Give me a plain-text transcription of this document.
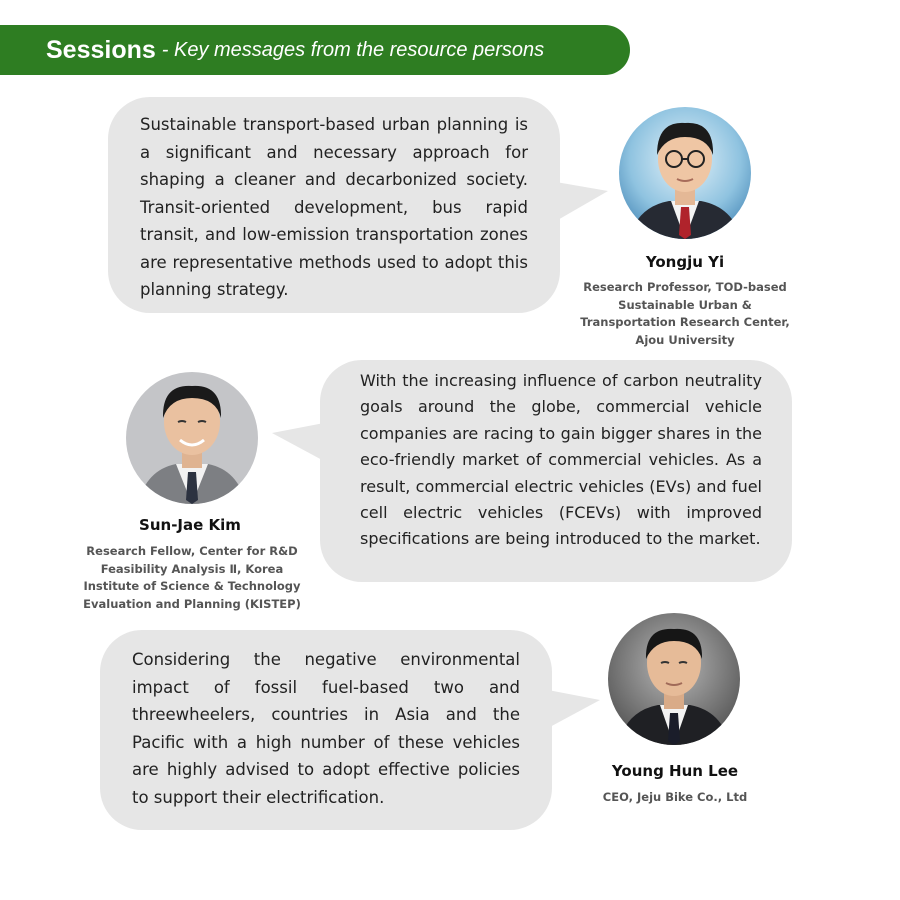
Sessions - Key messages from the resource persons
Sustainable transport-based urban planning is a significant and necessary approach for shaping a cleaner and decarbonized society. Transit-oriented development, bus rapid transit, and low-emission transportation zones are representative methods used to adopt this planning strategy.
Yongju Yi
Research Professor, TOD-based Sustainable Urban & Transportation Research Center, Ajou University
With the increasing influence of carbon neutrality goals around the globe, commercial vehicle companies are racing to gain bigger shares in the eco-friendly market of commercial vehicles. As a result, commercial electric vehicles (EVs) and fuel cell electric vehicles (FCEVs) with improved specifications are being introduced to the market.
Sun-Jae Kim
Research Fellow, Center for R&D Feasibility Analysis Ⅱ, Korea Institute of Science & Technology Evaluation and Planning (KISTEP)
Considering the negative environmental impact of fossil fuel-based two and threewheelers, countries in Asia and the Pacific with a high number of these vehicles are highly advised to adopt effective policies to support their electrification.
Young Hun Lee
CEO, Jeju Bike Co., Ltd
